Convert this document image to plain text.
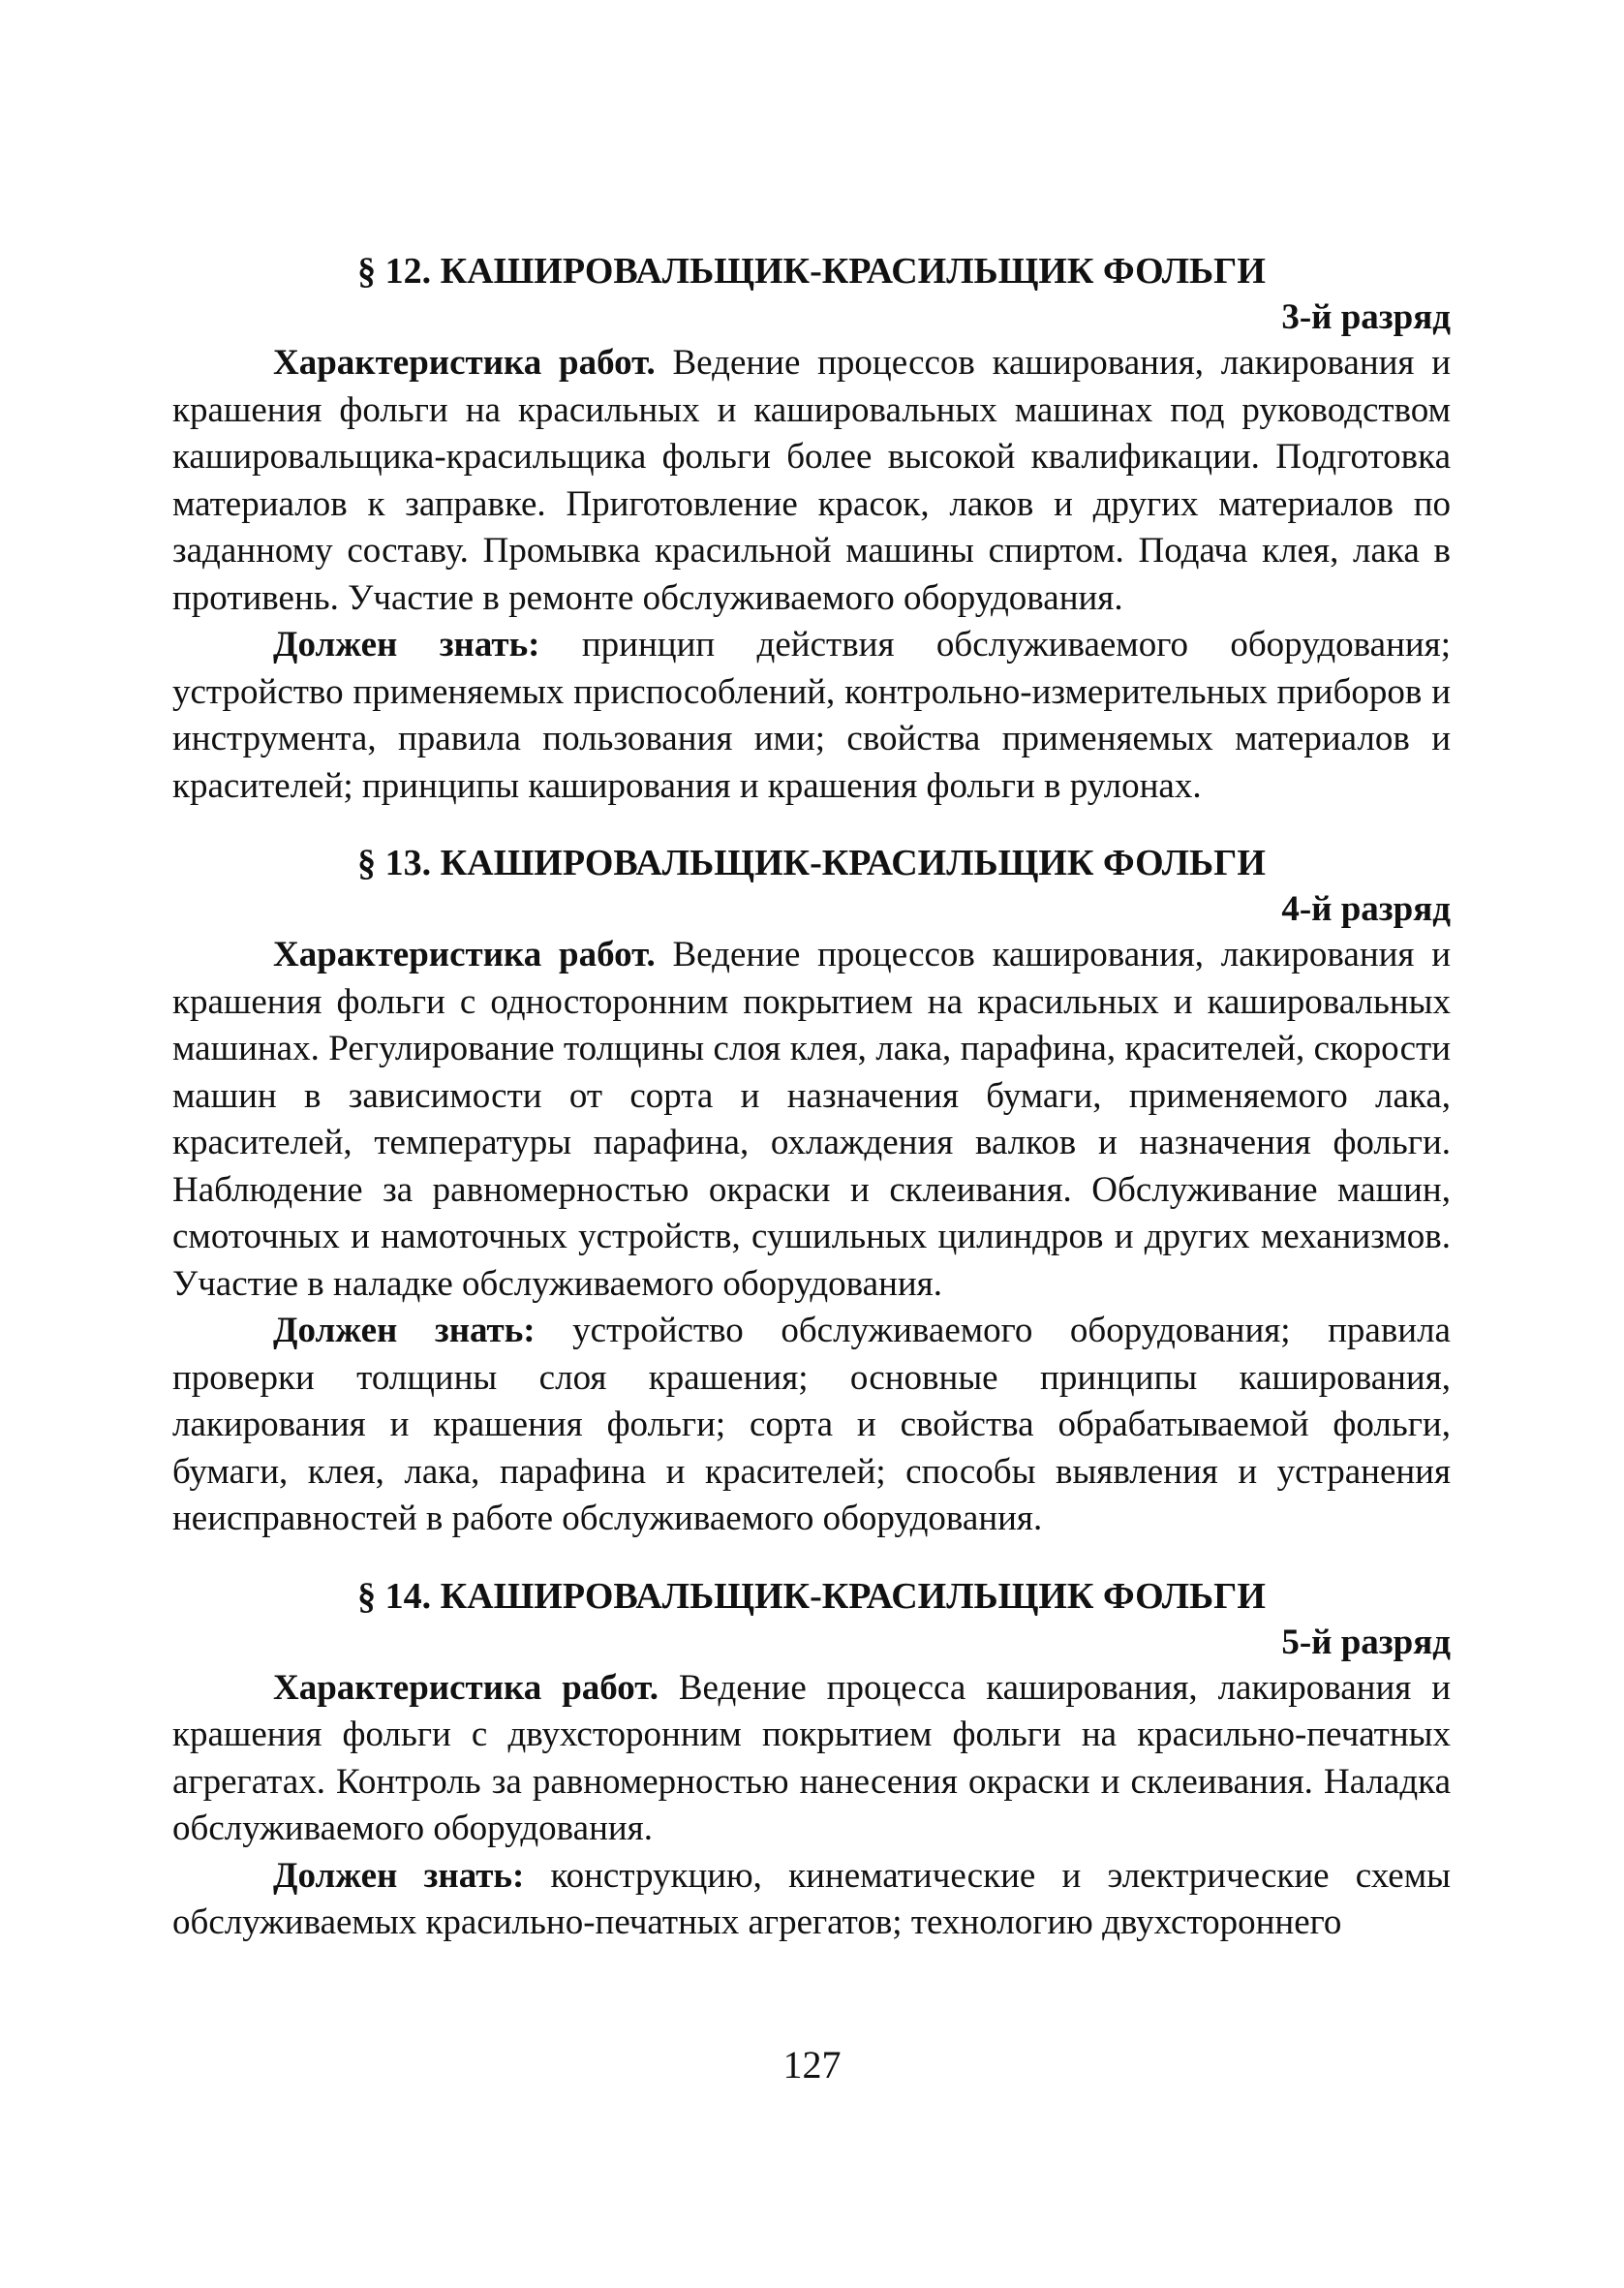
§ 12. КАШИРОВАЛЬЩИК-КРАСИЛЬЩИК ФОЛЬГИ
3-й разряд

Характеристика работ. Ведение процессов каширования, лакирования и крашения фольги на красильных и кашировальных машинах под руководством кашировальщика-красильщика фольги более высокой квалификации. Подготовка материалов к заправке. Приготовление красок, лаков и других материалов по заданному составу. Промывка красильной машины спиртом. Подача клея, лака в противень. Участие в ремонте обслуживаемого оборудования.

Должен знать: принцип действия обслуживаемого оборудования; устройство применяемых приспособлений, контрольно-измерительных приборов и инструмента, правила пользования ими; свойства применяемых материалов и красителей; принципы каширования и крашения фольги в рулонах.

§ 13. КАШИРОВАЛЬЩИК-КРАСИЛЬЩИК ФОЛЬГИ
4-й разряд

Характеристика работ. Ведение процессов каширования, лакирования и крашения фольги с односторонним покрытием на красильных и кашировальных машинах. Регулирование толщины слоя клея, лака, парафина, красителей, скорости машин в зависимости от сорта и назначения бумаги, применяемого лака, красителей, температуры парафина, охлаждения валков и назначения фольги. Наблюдение за равномерностью окраски и склеивания. Обслуживание машин, смоточных и намоточных устройств, сушильных цилиндров и других механизмов. Участие в наладке обслуживаемого оборудования.

Должен знать: устройство обслуживаемого оборудования; правила проверки толщины слоя крашения; основные принципы каширования, лакирования и крашения фольги; сорта и свойства обрабатываемой фольги, бумаги, клея, лака, парафина и красителей; способы выявления и устранения неисправностей в работе обслуживаемого оборудования.

§ 14. КАШИРОВАЛЬЩИК-КРАСИЛЬЩИК ФОЛЬГИ
5-й разряд

Характеристика работ. Ведение процесса каширования, лакирования и крашения фольги с двухсторонним покрытием фольги на красильно-печатных агрегатах. Контроль за равномерностью нанесения окраски и склеивания. Наладка обслуживаемого оборудования.

Должен знать: конструкцию, кинематические и электрические схемы обслуживаемых красильно-печатных агрегатов; технологию двухстороннего

127
